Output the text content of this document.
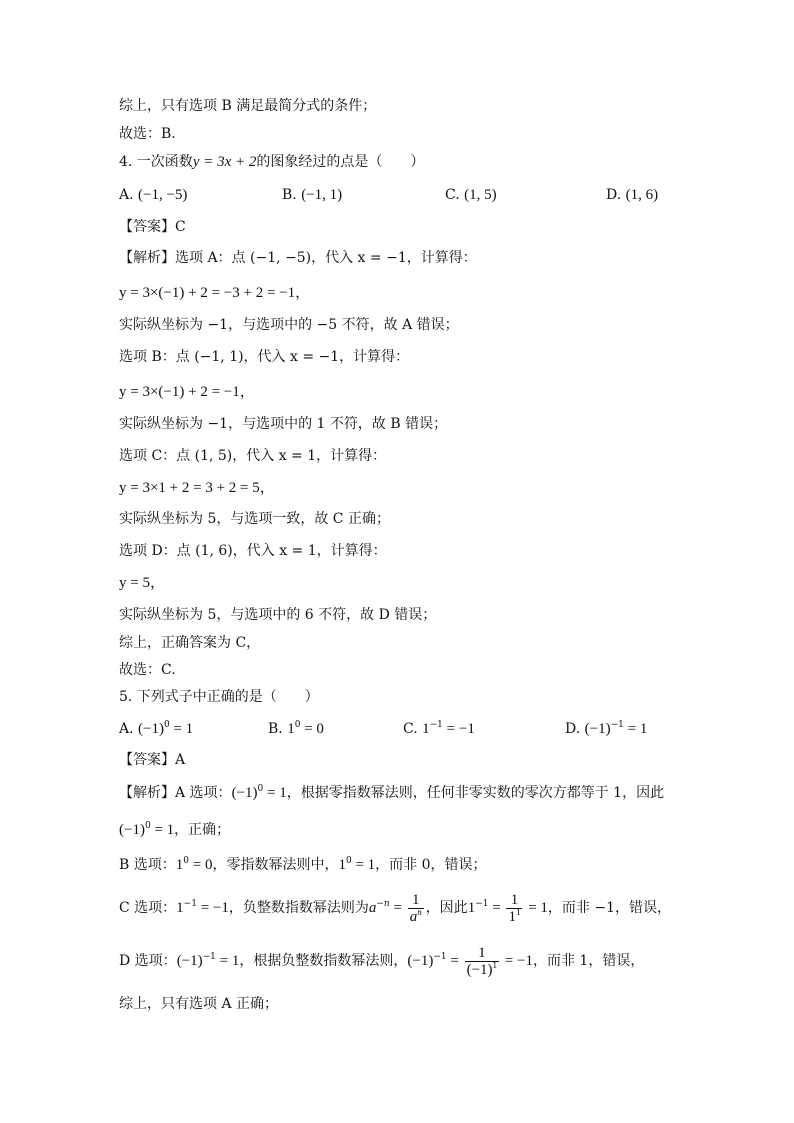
综上，只有选项 B 满足最简分式的条件；
故选：B.
4. 一次函数y = 3x + 2的图象经过的点是（　　）
A. (−1, −5)	B. (−1, 1)	C. (1, 5)	D. (1, 6)
【答案】C
【解析】选项 A：点 (−1, −5)，代入 x = −1，计算得：
y = 3×(−1) + 2 = −3 + 2 = −1，
实际纵坐标为 −1，与选项中的 −5 不符，故 A 错误；
选项 B：点 (−1, 1)，代入 x = −1，计算得：
y = 3×(−1) + 2 = −1，
实际纵坐标为 −1，与选项中的 1 不符，故 B 错误；
选项 C：点 (1, 5)，代入 x = 1，计算得：
y = 3×1 + 2 = 3 + 2 = 5，
实际纵坐标为 5，与选项一致，故 C 正确；
选项 D：点 (1, 6)，代入 x = 1，计算得：
y = 5，
实际纵坐标为 5，与选项中的 6 不符，故 D 错误；
综上，正确答案为 C，
故选：C.
5. 下列式子中正确的是（　　）
A. $(-1)^0 = 1$	B. $1^0 = 0$	C. $1^{-1} = -1$	D. $(-1)^{-1} = 1$
【答案】A
【解析】A 选项：$(-1)^0 = 1$，根据零指数幂法则，任何非零实数的零次方都等于 1，因此
$(-1)^0 = 1$，正确；
B 选项：$1^0 = 0$，零指数幂法则中，$1^0 = 1$，而非 0，错误；
C 选项：$1^{-1} = -1$，负整数指数幂法则为$a^{-n} = \frac{1}{a^n}$ ，因此$1^{-1} = \frac{1}{1^1} = 1$，而非 −1，错误，
D 选项：$(-1)^{-1} = 1$，根据负整数指数幂法则，$(-1)^{-1} = \frac{1}{(-1)^1} = -1$，而非 1，错误，
综上，只有选项 A 正确；
